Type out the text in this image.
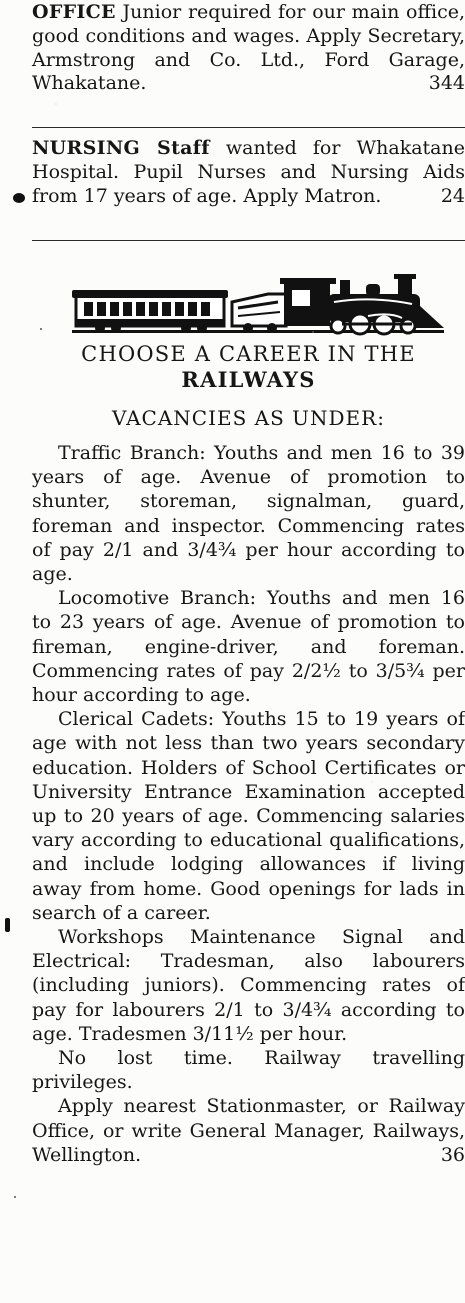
OFFICE Junior required for our main office, good conditions and wages. Apply Secretary, Armstrong and Co. Ltd., Ford Garage, Whakatane.	344
NURSING Staff wanted for Whakatane Hospital. Pupil Nurses and Nursing Aids from 17 years of age. Apply Matron.	24
CHOOSE A CAREER IN THE
RAILWAYS
VACANCIES AS UNDER:

Traffic Branch: Youths and men 16 to 39 years of age. Avenue of promotion to shunter, storeman, signalman, guard, foreman and inspector. Commencing rates of pay 2/1 and 3/4¾ per hour according to age.

Locomotive Branch: Youths and men 16 to 23 years of age. Avenue of promotion to fireman, engine-driver, and foreman. Commencing rates of pay 2/2½ to 3/5¾ per hour according to age.

Clerical Cadets: Youths 15 to 19 years of age with not less than two years secondary education. Holders of School Certificates or University Entrance Examination accepted up to 20 years of age. Commencing salaries vary according to educational qualifications, and include lodging allowances if living away from home. Good openings for lads in search of a career.

Workshops Maintenance Signal and Electrical: Tradesman, also labourers (including juniors). Commencing rates of pay for labourers 2/1 to 3/4¾ according to age. Tradesmen 3/11½ per hour.

No lost time. Railway travelling privileges.

Apply nearest Stationmaster, or Railway Office, or write General Manager, Railways, Wellington.	36
